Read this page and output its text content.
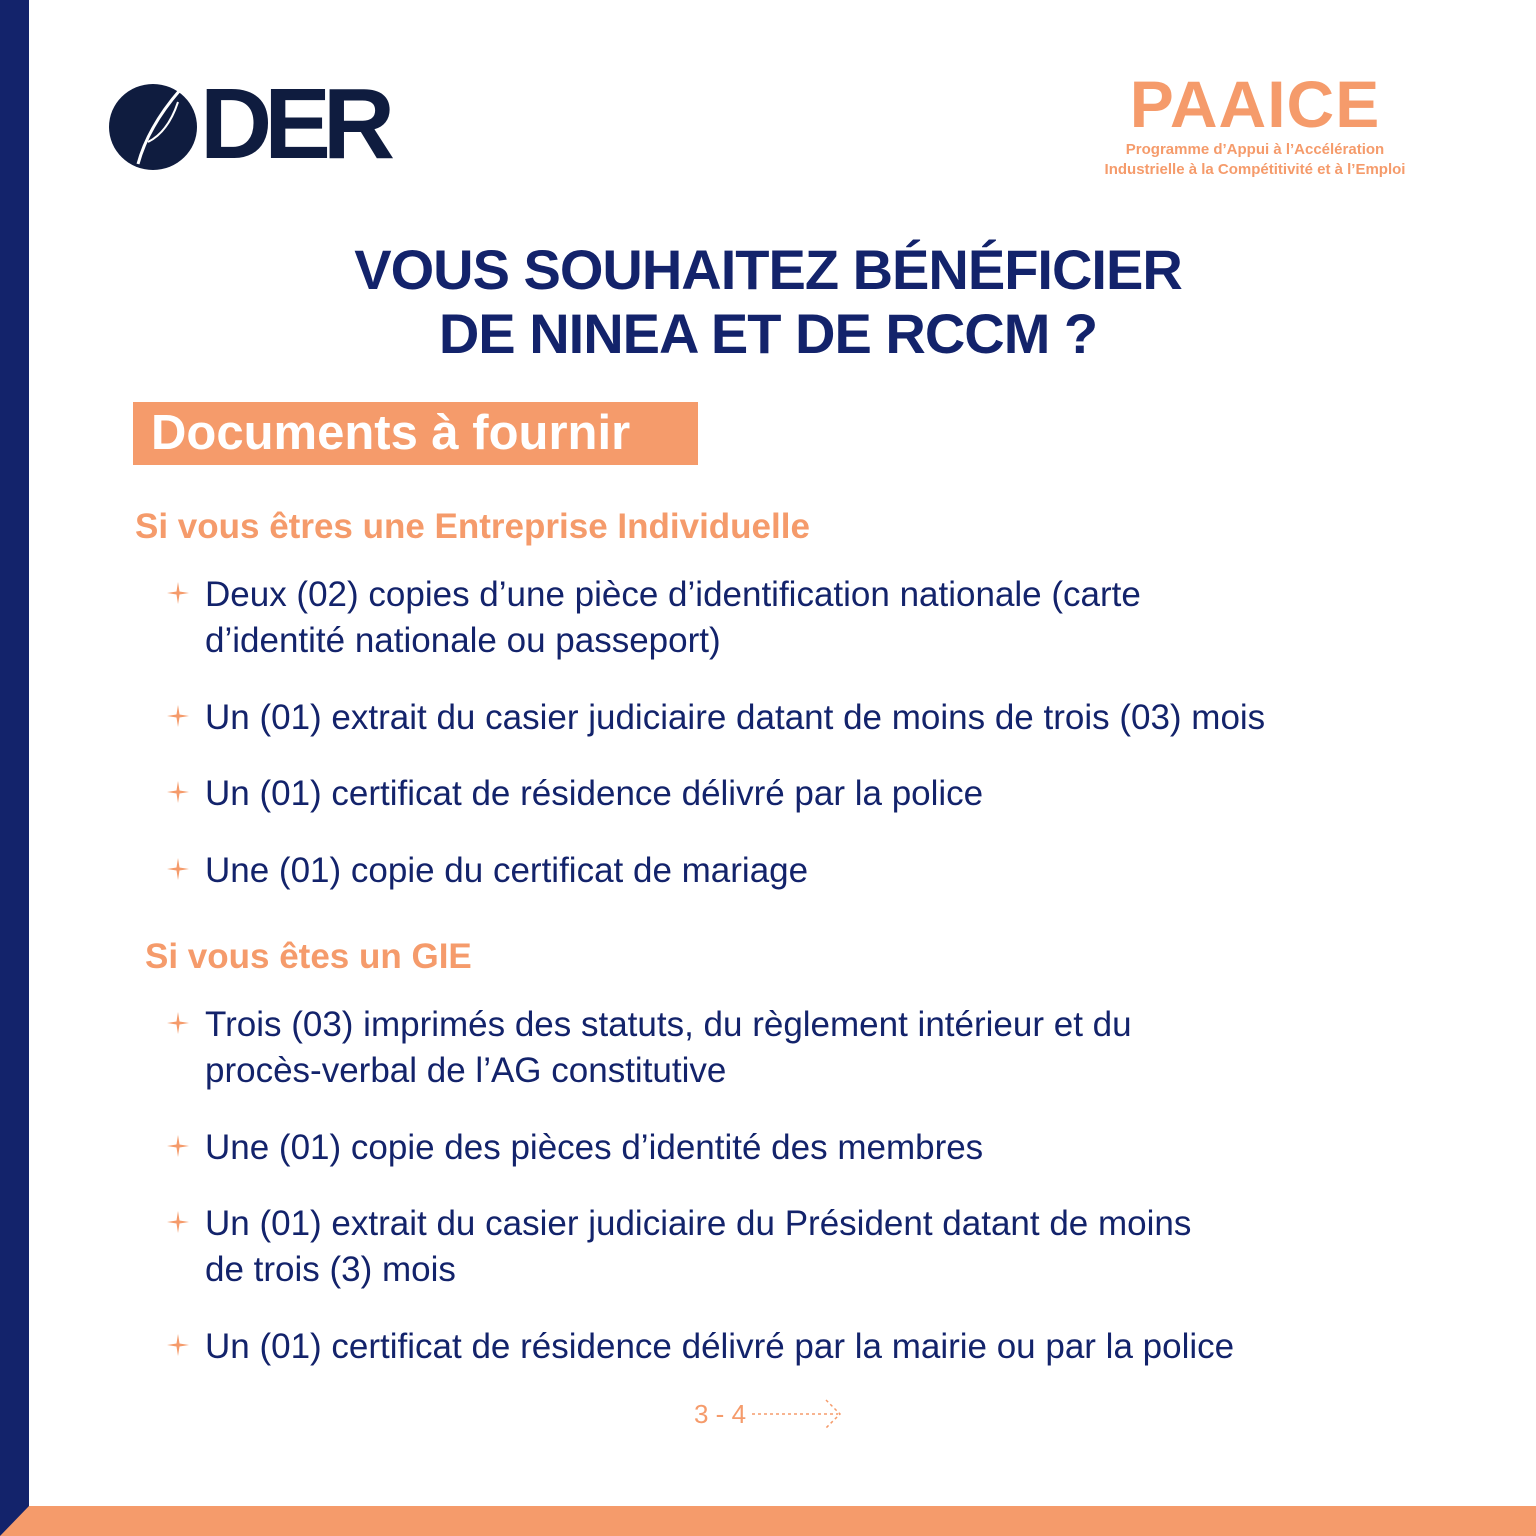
DER	PAAICE
Programme d’Appui à l’Accélération
Industrielle à la Compétitivité et à l’Emploi
VOUS SOUHAITEZ BÉNÉFICIER
DE NINEA ET DE RCCM ?
Documents à fournir
Si vous êtres une Entreprise Individuelle
Deux (02) copies d’une pièce d’identification nationale (carte
d’identité nationale ou passeport)
Un (01) extrait du casier judiciaire datant de moins de trois (03) mois
Un (01) certificat de résidence délivré par la police
Une (01) copie du certificat de mariage
Si vous êtes un GIE
Trois (03) imprimés des statuts, du règlement intérieur et du
procès-verbal de l’AG constitutive
Une (01) copie des pièces d’identité des membres
Un (01) extrait du casier judiciaire du Président datant de moins
de trois (3) mois
Un (01) certificat de résidence délivré par la mairie ou par la police
3 - 4
